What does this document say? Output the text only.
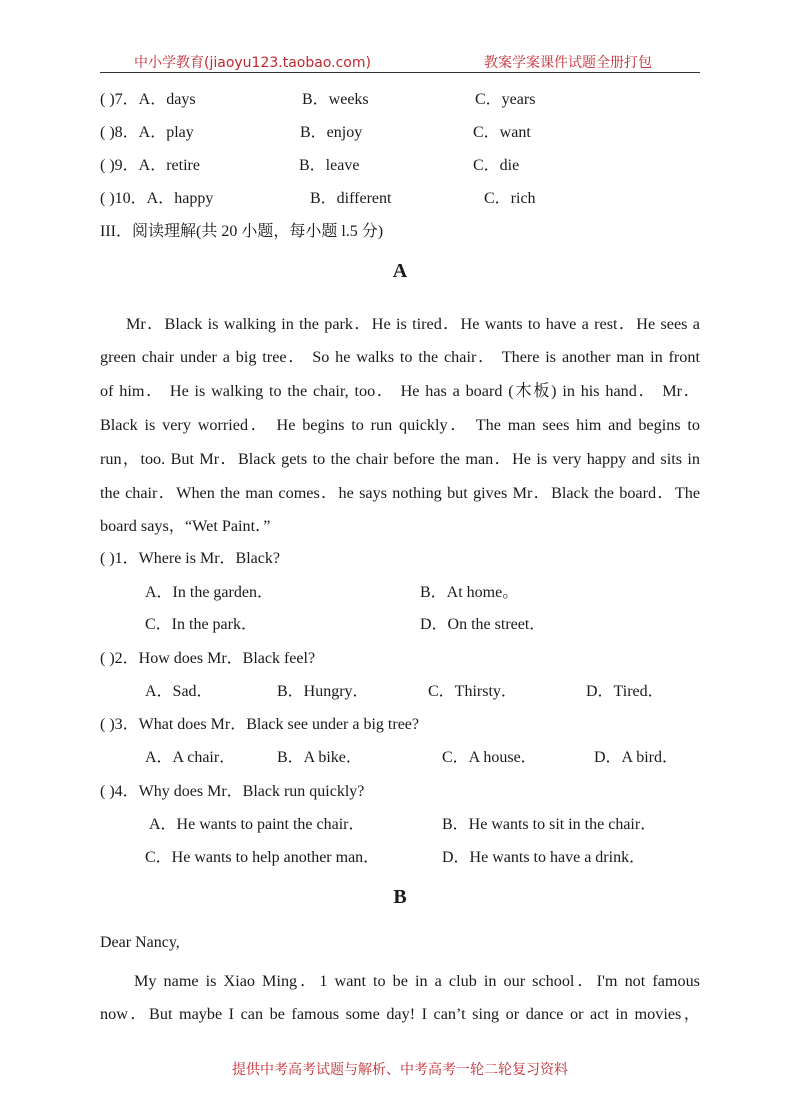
中小学教育(jiaoyu123.taobao.com)	教案学案课件试题全册打包
( )7．A．days	B．weeks	C．years
( )8．A．play	B．enjoy	C．want
( )9．A．retire	B．leave	C．die
( )10．A．happy	B．different	C．rich
III．阅读理解(共 20 小题，每小题 l.5 分)
A
Mr．Black is walking in the park．He is tired．He wants to have a rest．He sees a
green chair under a big tree． So he walks to the chair． There is another man in front
of him． He is walking to the chair, too． He has a board (木板) in his hand． Mr．
Black is very worried． He begins to run quickly． The man sees him and begins to
run，too. But Mr．Black gets to the chair before the man．He is very happy and sits in
the chair．When the man comes．he says nothing but gives Mr．Black the board．The
board says，“Wet Paint．”
( )1．Where is Mr．Black?
A．In the garden．	B．At home。
C．In the park．	D．On the street．
( )2．How does Mr．Black feel?
A．Sad．	B．Hungry．	C．Thirsty．	D．Tired．
( )3．What does Mr．Black see under a big tree?
A．A chair．	B．A bike．	C．A house．	D．A bird．
( )4．Why does Mr．Black run quickly?
A．He wants to paint the chair．	B．He wants to sit in the chair．
C．He wants to help another man．	D．He wants to have a drink．
B
Dear Nancy,
My name is Xiao Ming．1 want to be in a club in our school．I'm not famous
now．But maybe I can be famous some day! I can’t sing or dance or act in movies，
提供中考高考试题与解析、中考高考一轮二轮复习资料
